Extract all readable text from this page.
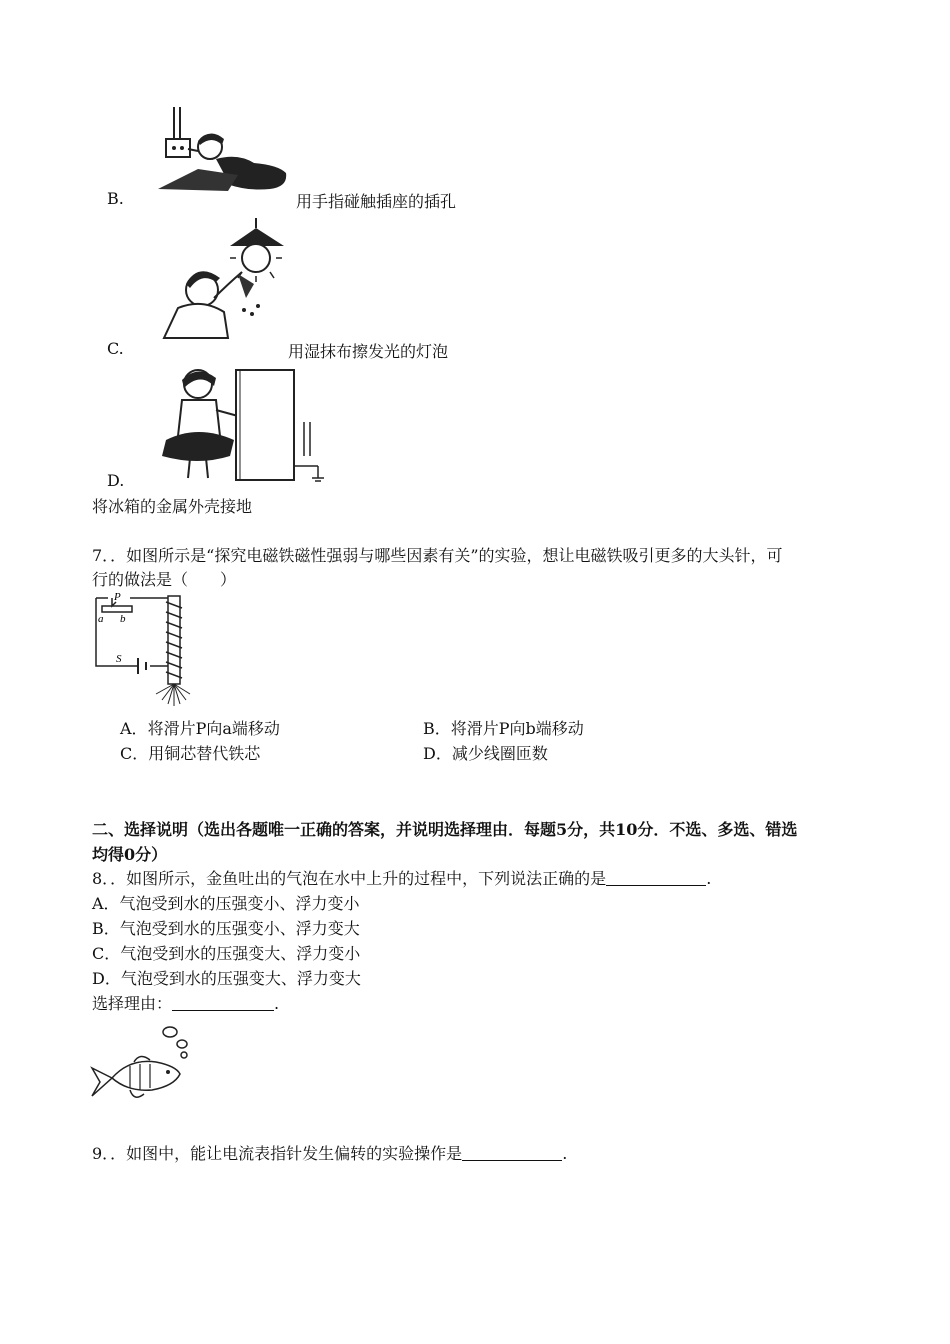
B.	用手指碰触插座的插孔
C.	用湿抹布擦发光的灯泡
D.
将冰箱的金属外壳接地
7．．如图所示是“探究电磁铁磁性强弱与哪些因素有关”的实验，想让电磁铁吸引更多的大头针，可
行的做法是（　　）
P
a b
S
A．将滑片P向a端移动	B．将滑片P向b端移动
C．用铜芯替代铁芯	D．减少线圈匝数
二、选择说明（选出各题唯一正确的答案，并说明选择理由．每题5分，共10分．不选、多选、错选
均得0分）
8．．如图所示，金鱼吐出的气泡在水中上升的过程中，下列说法正确的是	.
A．气泡受到水的压强变小、浮力变小
B．气泡受到水的压强变小、浮力变大
C．气泡受到水的压强变大、浮力变小
D．气泡受到水的压强变大、浮力变大
选择理由：	.
9．．如图中，能让电流表指针发生偏转的实验操作是	.
